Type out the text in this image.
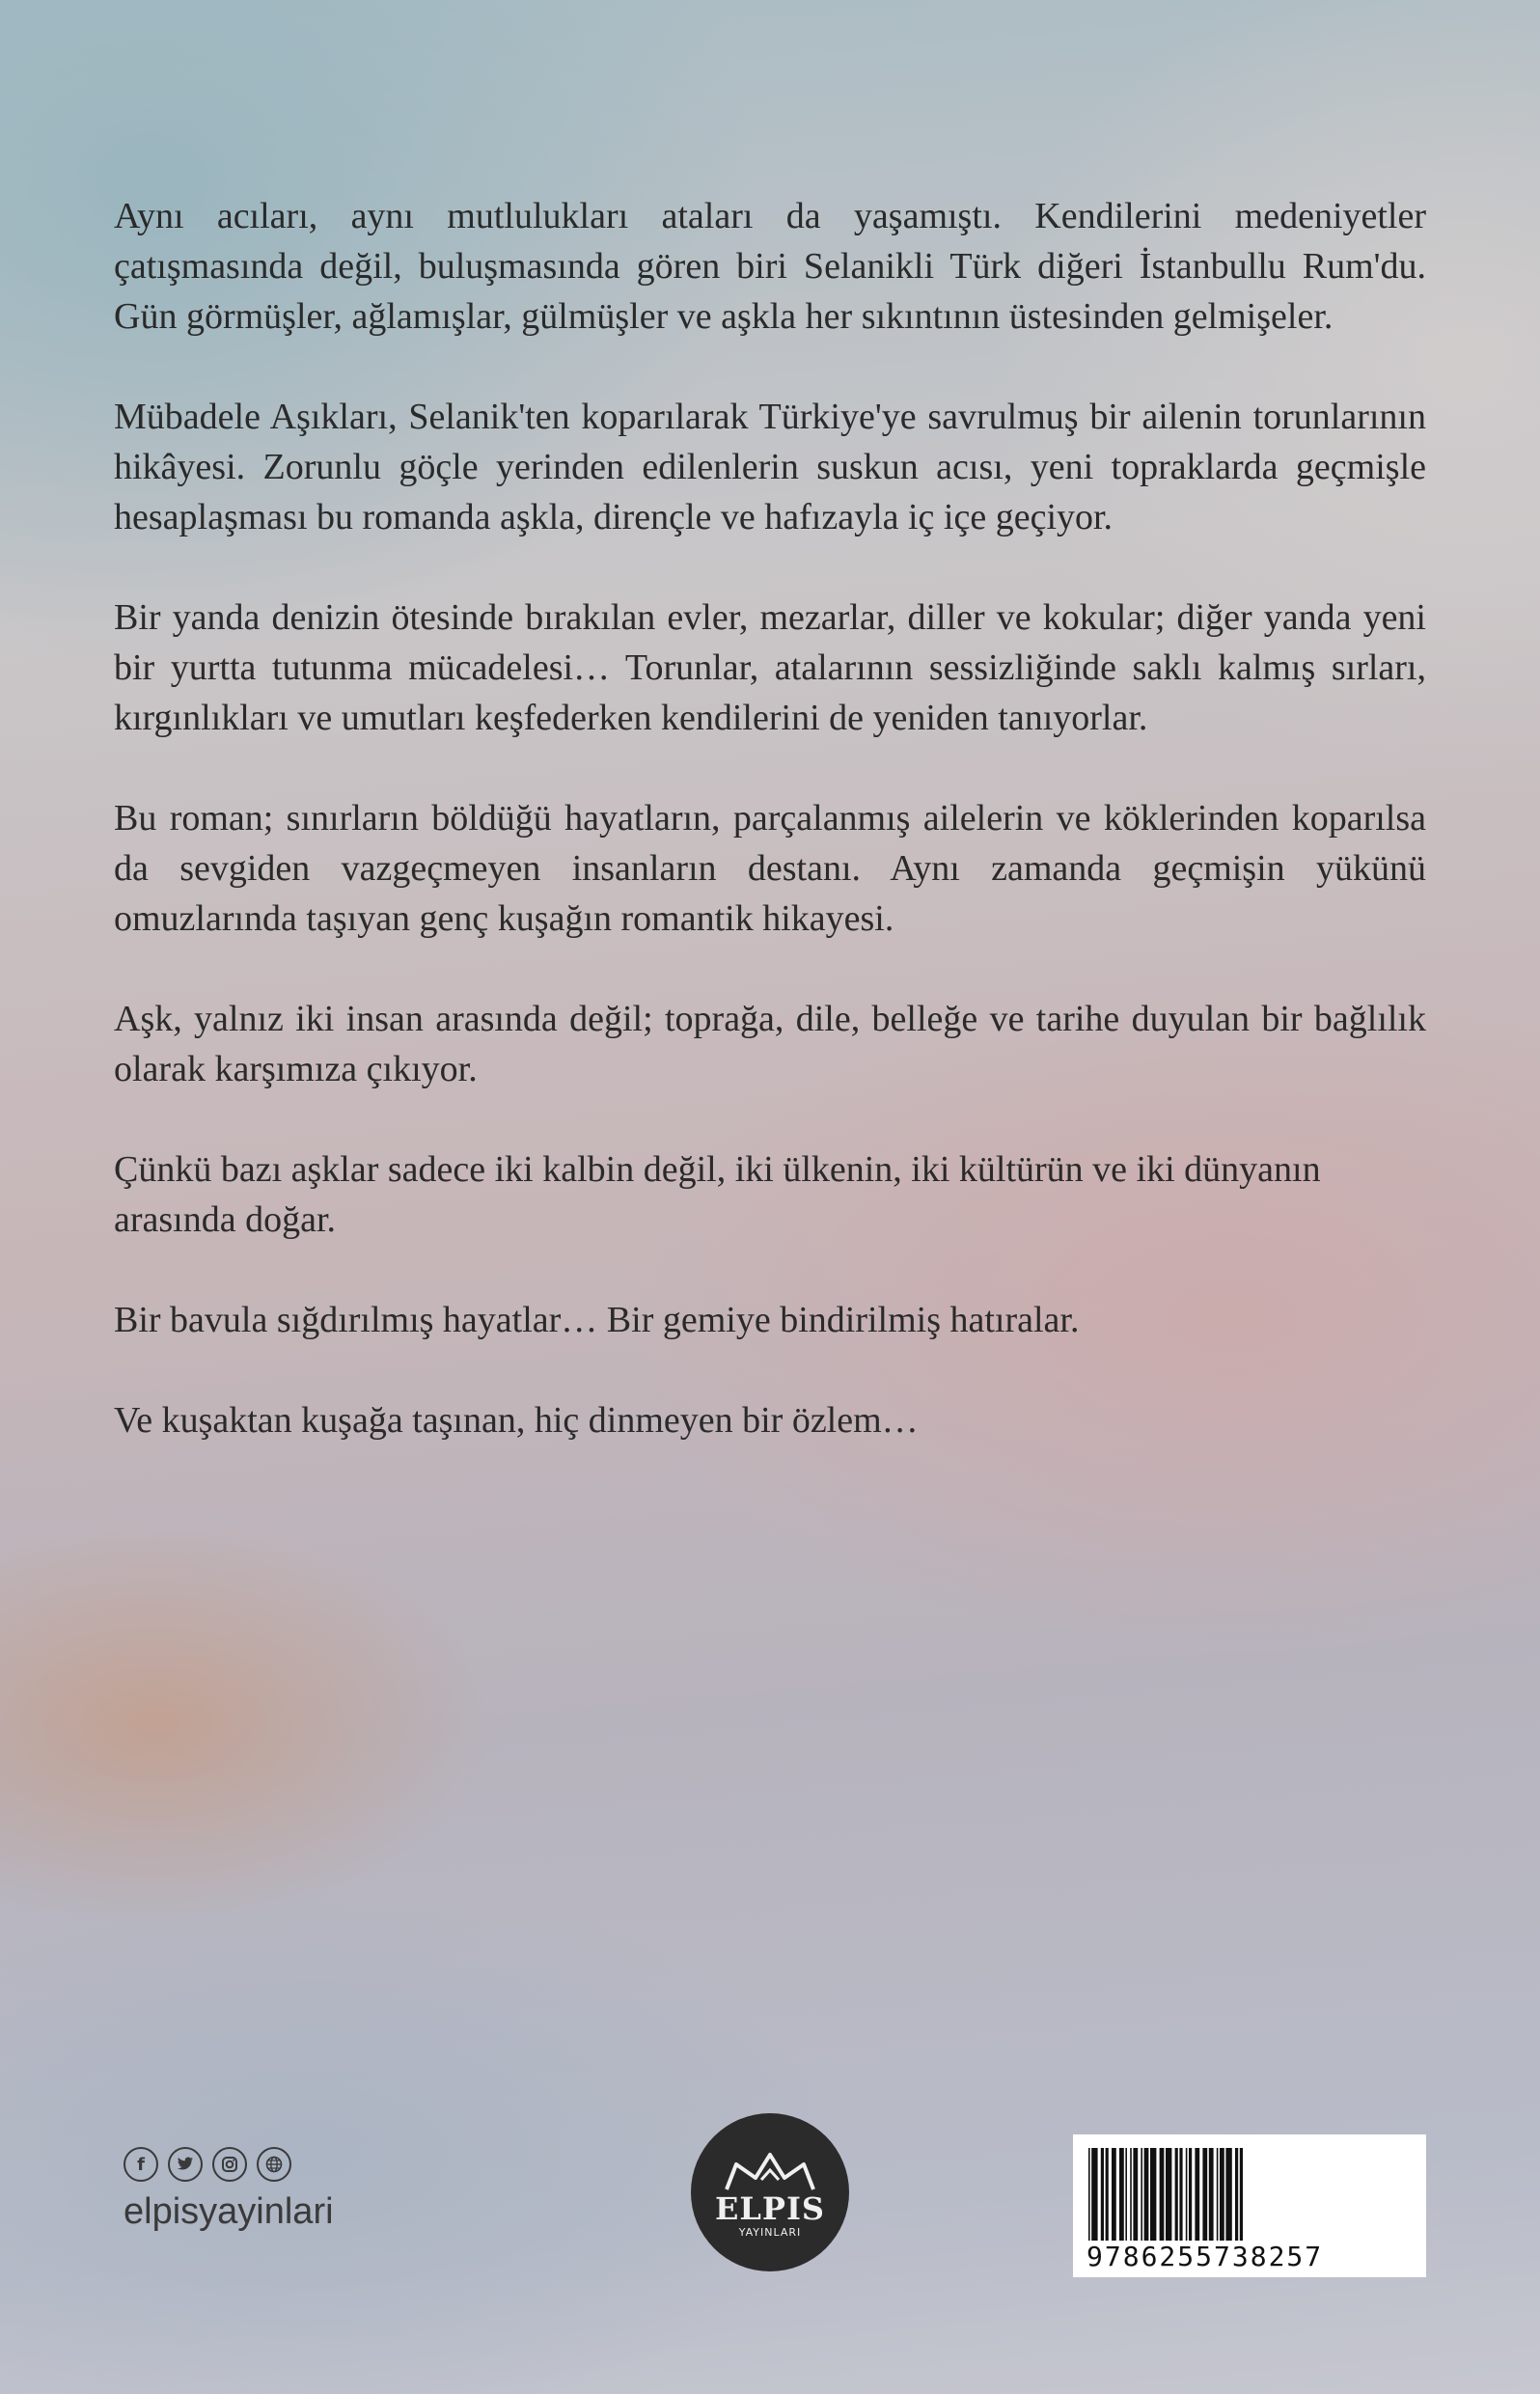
Aynı acıları, aynı mutlulukları ataları da yaşamıştı. Kendilerini medeniyetler çatışmasında değil, buluşmasında gören biri Selanikli Türk diğeri İstanbullu Rum'du. Gün görmüşler, ağlamışlar, gülmüşler ve aşkla her sıkıntının üstesinden gelmişeler.

Mübadele Aşıkları, Selanik'ten koparılarak Türkiye'ye savrulmuş bir ailenin torunlarının hikâyesi. Zorunlu göçle yerinden edilenlerin suskun acısı, yeni topraklarda geçmişle hesaplaşması bu romanda aşkla, dirençle ve hafızayla iç içe geçiyor.

Bir yanda denizin ötesinde bırakılan evler, mezarlar, diller ve kokular; diğer yanda yeni bir yurtta tutunma mücadelesi… Torunlar, atalarının sessizliğinde saklı kalmış sırları, kırgınlıkları ve umutları keşfederken kendilerini de yeniden tanıyorlar.

Bu roman; sınırların böldüğü hayatların, parçalanmış ailelerin ve köklerinden koparılsa da sevgiden vazgeçmeyen insanların destanı. Aynı zamanda geçmişin yükünü omuzlarında taşıyan genç kuşağın romantik hikayesi.

Aşk, yalnız iki insan arasında değil; toprağa, dile, belleğe ve tarihe duyulan bir bağlılık olarak karşımıza çıkıyor.

Çünkü bazı aşklar sadece iki kalbin değil, iki ülkenin, iki kültürün ve iki dünyanın arasında doğar.

Bir bavula sığdırılmış hayatlar… Bir gemiye bindirilmiş hatıralar.

Ve kuşaktan kuşağa taşınan, hiç dinmeyen bir özlem…

f
elpisyayinlari	ELPIS
YAYINLARI
9786255738257
